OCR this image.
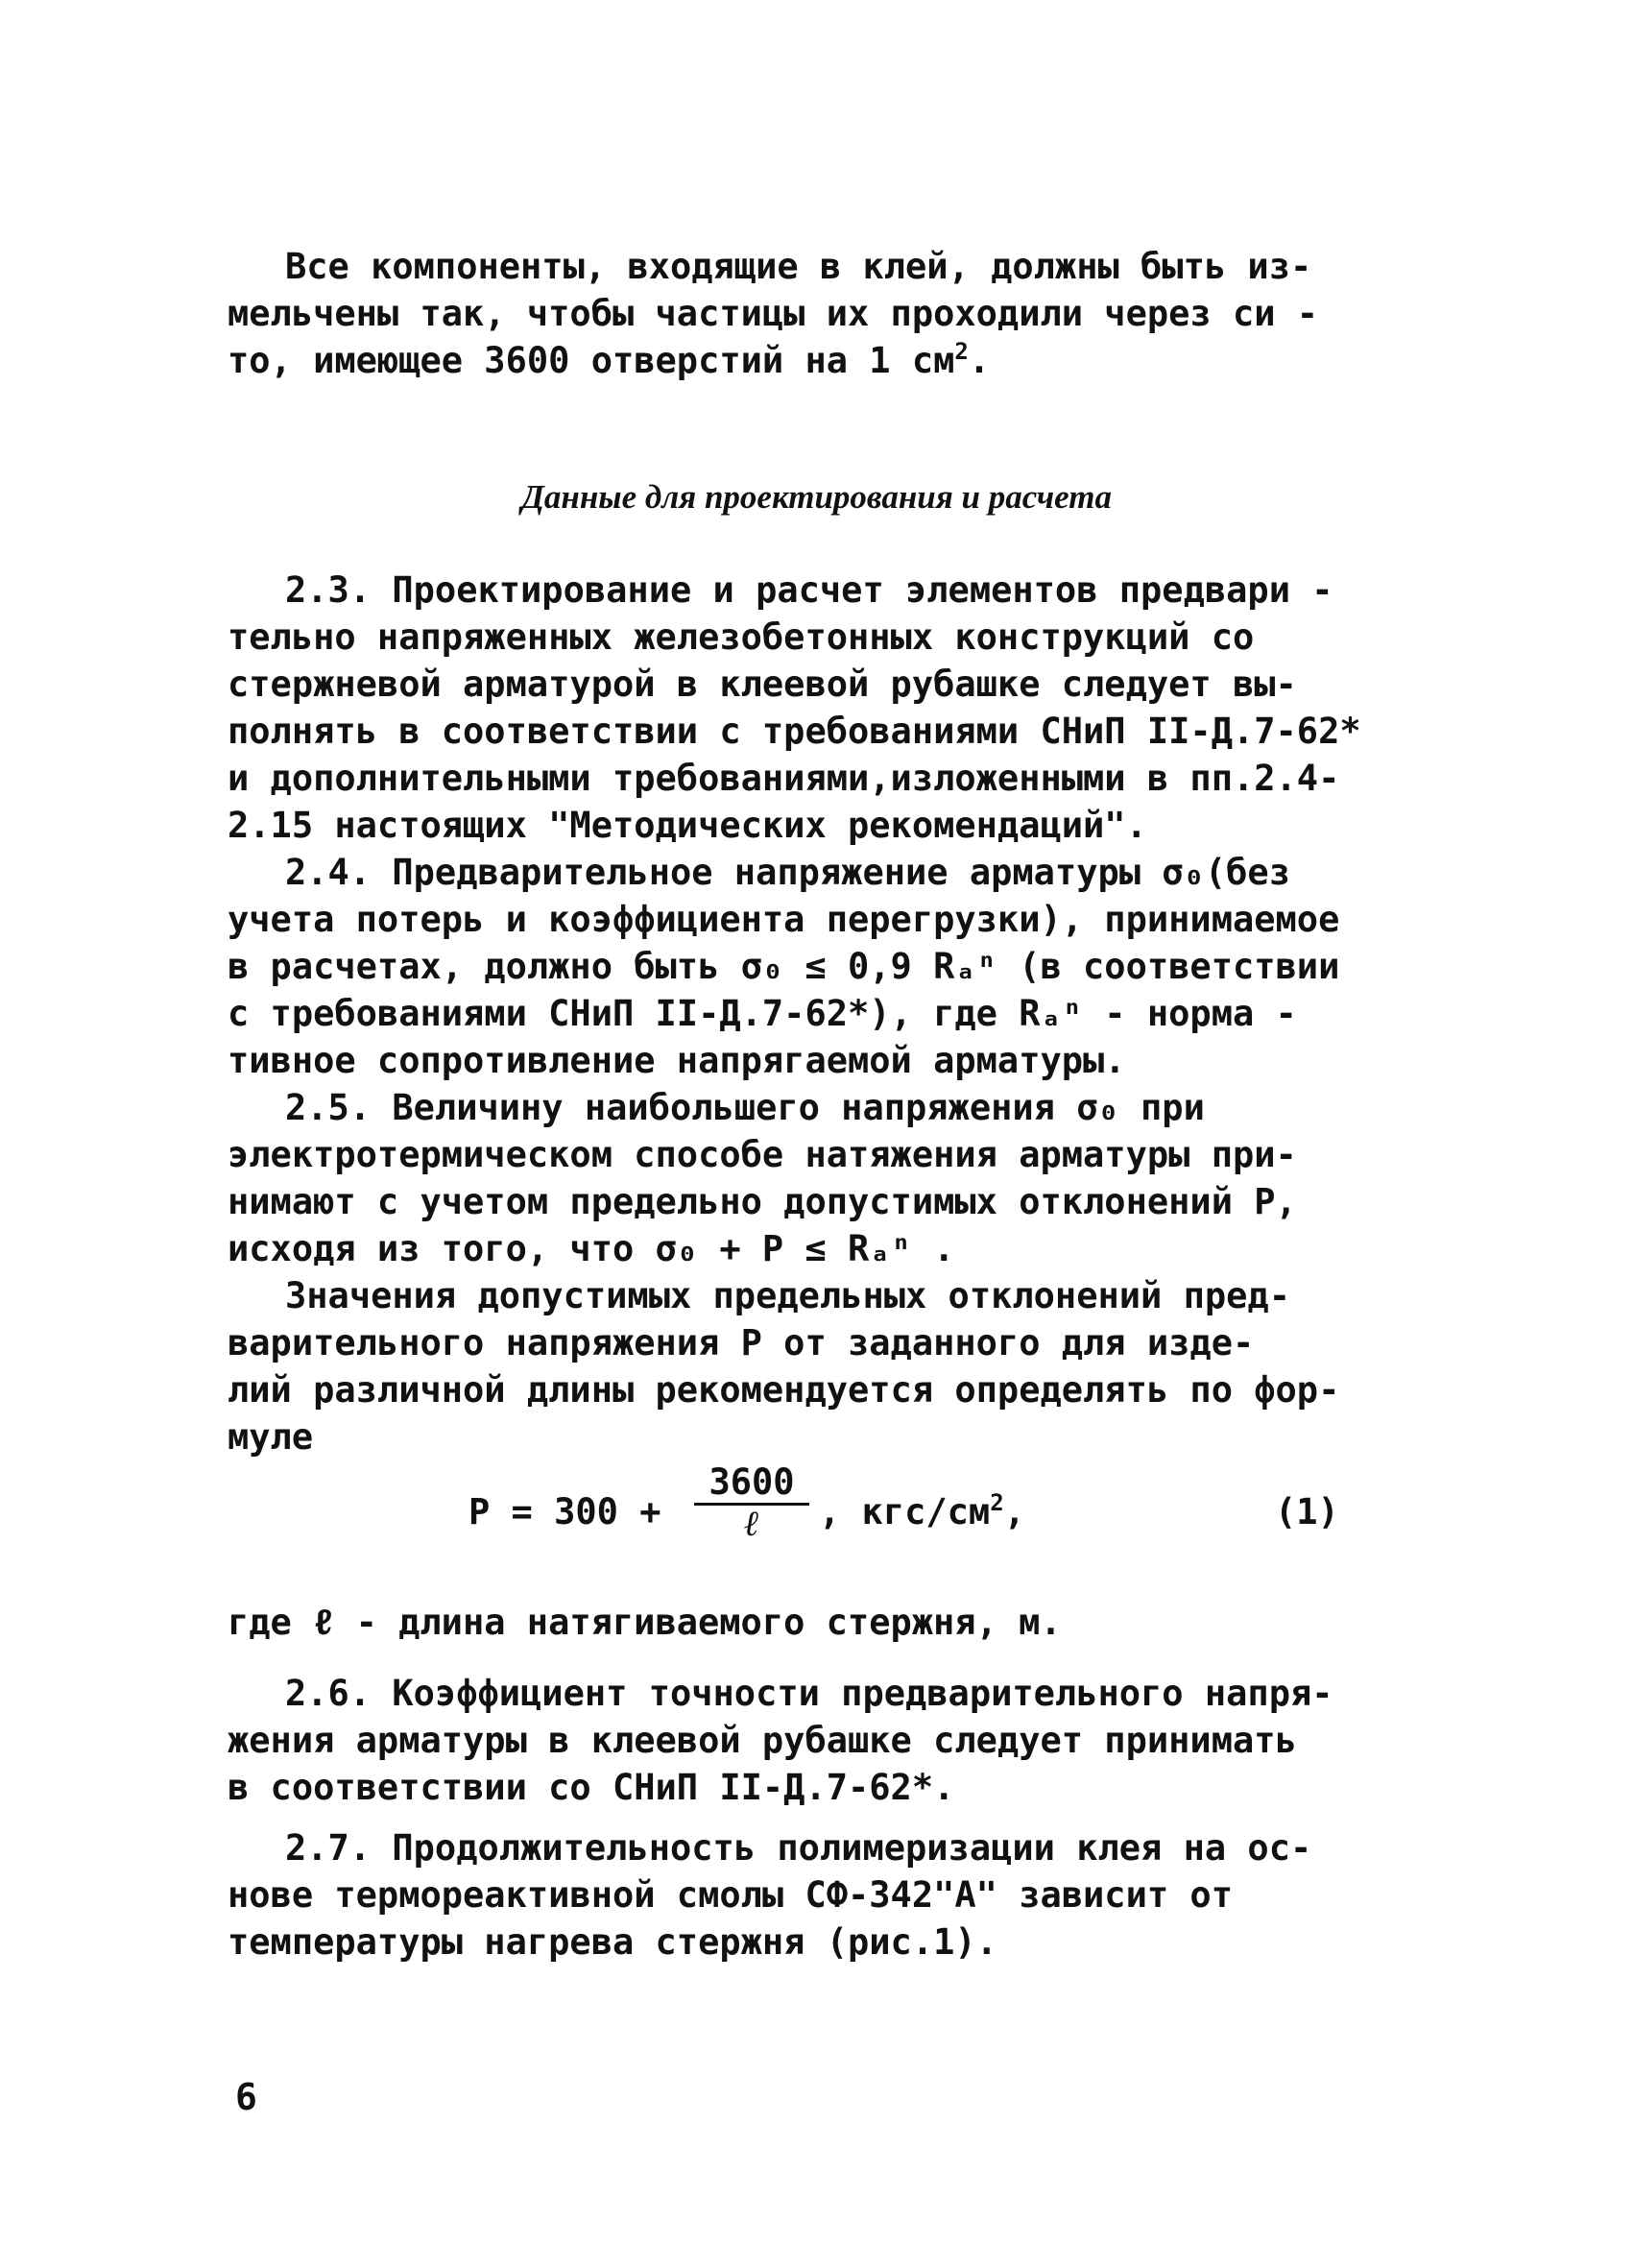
Все компоненты, входящие в клей, должны быть из-
мельчены так, чтобы частицы их проходили через си -
то, имеющее 3600 отверстий на 1 $см^2$.
Данные для проектирования и расчета
2.3. Проектирование и расчет элементов предвари -
тельно напряженных железобетонных конструкций со
стержневой арматурой в клеевой рубашке следует вы-
полнять в соответствии с требованиями СНиП II-Д.7-62*
и дополнительными требованиями,изложенными в пп.2.4-
2.15 настоящих "Методических рекомендаций".
2.4. Предварительное напряжение арматуры σ₀(без
учета потерь и коэффициента перегрузки), принимаемое
в расчетах, должно быть σ₀ ≤ 0,9 Rₐⁿ (в соответствии
с требованиями СНиП II-Д.7-62*), где Rₐⁿ - норма -
тивное сопротивление напрягаемой арматуры.
2.5. Величину наибольшего напряжения σ₀ при
электротермическом способе натяжения арматуры при-
нимают с учетом предельно допустимых отклонений P,
исходя из того, что σ₀ + P ≤ Rₐⁿ .
Значения допустимых предельных отклонений пред-
варительного напряжения P от заданного для изде-
лий различной длины рекомендуется определять по фор-
муле
P = 300 +
3600
ℓ	, кгс/$см^2$,	(1)
где ℓ - длина натягиваемого стержня, м.
2.6. Коэффициент точности предварительного напря-
жения арматуры в клеевой рубашке следует принимать
в соответствии со СНиП II-Д.7-62*.
2.7. Продолжительность полимеризации клея на ос-
нове термореактивной смолы СФ-342"А" зависит от
температуры нагрева стержня (рис.1).
6
